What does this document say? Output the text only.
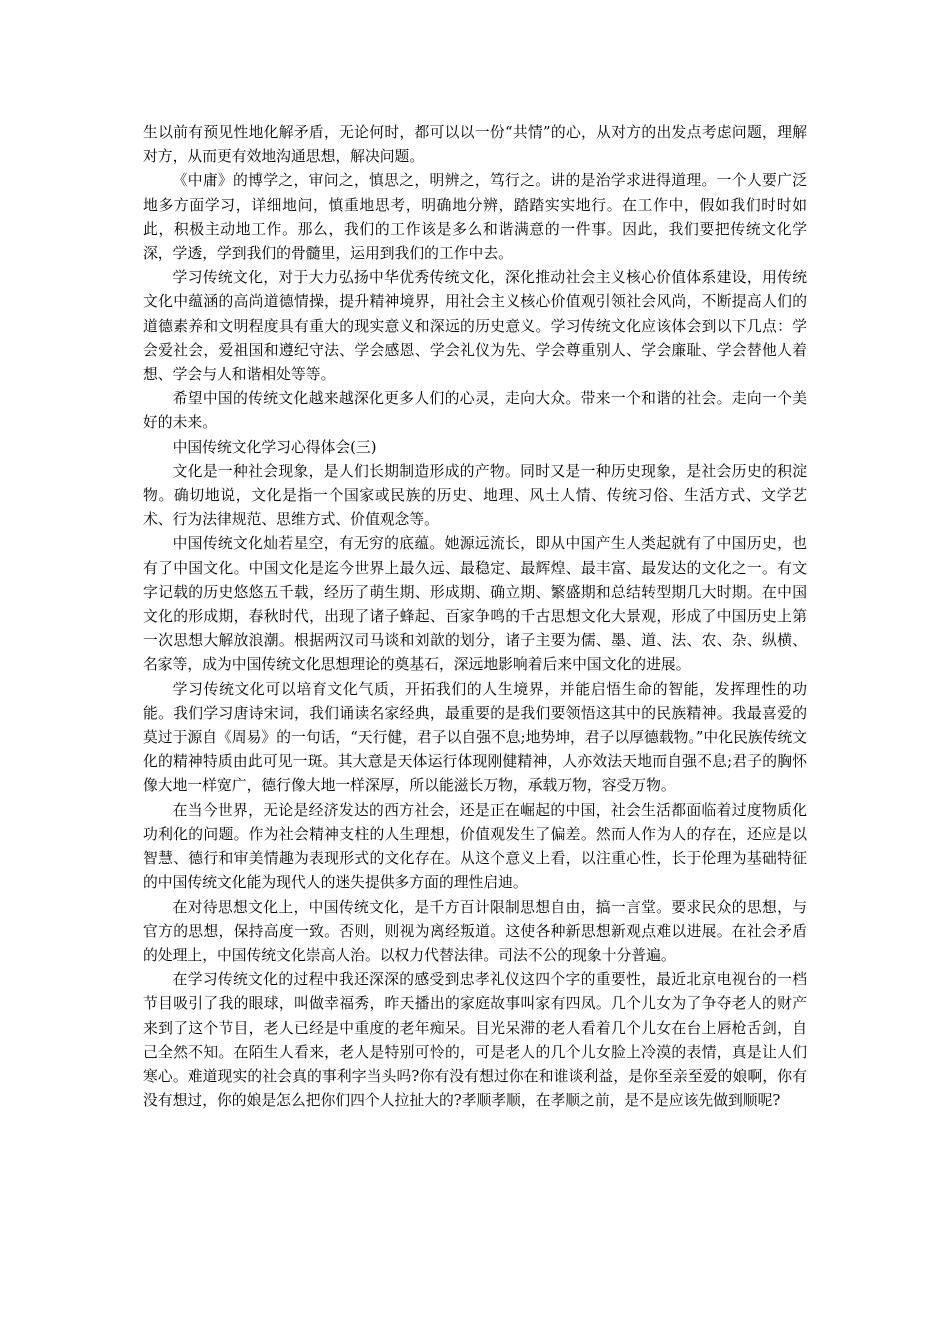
生以前有预见性地化解矛盾，无论何时，都可以以一份“共情”的心，从对方的出发点考虑问题，理解对方，从而更有效地沟通思想，解决问题。

《中庸》的博学之，审问之，慎思之，明辨之，笃行之。讲的是治学求进得道理。一个人要广泛地多方面学习，详细地问，慎重地思考，明确地分辨，踏踏实实地行。在工作中，假如我们时时如此，积极主动地工作。那么，我们的工作该是多么和谐满意的一件事。因此，我们要把传统文化学深，学透，学到我们的骨髓里，运用到我们的工作中去。

学习传统文化，对于大力弘扬中华优秀传统文化，深化推动社会主义核心价值体系建设，用传统文化中蕴涵的高尚道德情操，提升精神境界，用社会主义核心价值观引领社会风尚，不断提高人们的道德素养和文明程度具有重大的现实意义和深远的历史意义。学习传统文化应该体会到以下几点：学会爱社会，爱祖国和遵纪守法、学会感恩、学会礼仪为先、学会尊重别人、学会廉耻、学会替他人着想、学会与人和谐相处等等。

希望中国的传统文化越来越深化更多人们的心灵，走向大众。带来一个和谐的社会。走向一个美好的未来。

中国传统文化学习心得体会(三)

文化是一种社会现象，是人们长期制造形成的产物。同时又是一种历史现象，是社会历史的积淀物。确切地说，文化是指一个国家或民族的历史、地理、风土人情、传统习俗、生活方式、文学艺术、行为法律规范、思维方式、价值观念等。

中国传统文化灿若星空，有无穷的底蕴。她源远流长，即从中国产生人类起就有了中国历史，也有了中国文化。中国文化是迄今世界上最久远、最稳定、最辉煌、最丰富、最发达的文化之一。有文字记载的历史悠悠五千载，经历了萌生期、形成期、确立期、繁盛期和总结转型期几大时期。在中国文化的形成期，春秋时代，出现了诸子蜂起、百家争鸣的千古思想文化大景观，形成了中国历史上第一次思想大解放浪潮。根据两汉司马谈和刘歆的划分，诸子主要为儒、墨、道、法、农、杂、纵横、名家等，成为中国传统文化思想理论的奠基石，深远地影响着后来中国文化的进展。

学习传统文化可以培育文化气质，开拓我们的人生境界，并能启悟生命的智能，发挥理性的功能。我们学习唐诗宋词，我们诵读名家经典，最重要的是我们要领悟这其中的民族精神。我最喜爱的莫过于源自《周易》的一句话，“天行健，君子以自强不息;地势坤，君子以厚德载物。”中化民族传统文化的精神特质由此可见一斑。其大意是天体运行体现刚健精神，人亦效法天地而自强不息;君子的胸怀像大地一样宽广，德行像大地一样深厚，所以能滋长万物，承载万物，容受万物。

在当今世界，无论是经济发达的西方社会，还是正在崛起的中国，社会生活都面临着过度物质化功利化的问题。作为社会精神支柱的人生理想，价值观发生了偏差。然而人作为人的存在，还应是以智慧、德行和审美情趣为表现形式的文化存在。从这个意义上看，以注重心性，长于伦理为基础特征的中国传统文化能为现代人的迷失提供多方面的理性启迪。

在对待思想文化上，中国传统文化，是千方百计限制思想自由，搞一言堂。要求民众的思想，与官方的思想，保持高度一致。否则，则视为离经叛道。这使各种新思想新观点难以进展。在社会矛盾的处理上，中国传统文化崇高人治。以权力代替法律。司法不公的现象十分普遍。

在学习传统文化的过程中我还深深的感受到忠孝礼仪这四个字的重要性，最近北京电视台的一档节目吸引了我的眼球，叫做幸福秀，昨天播出的家庭故事叫家有四凤。几个儿女为了争夺老人的财产来到了这个节目，老人已经是中重度的老年痴呆。目光呆滞的老人看着几个儿女在台上唇枪舌剑，自己全然不知。在陌生人看来，老人是特别可怜的，可是老人的几个儿女脸上冷漠的表情，真是让人们寒心。难道现实的社会真的事利字当头吗?你有没有想过你在和谁谈利益，是你至亲至爱的娘啊，你有没有想过，你的娘是怎么把你们四个人拉扯大的?孝顺孝顺，在孝顺之前，是不是应该先做到顺呢?
